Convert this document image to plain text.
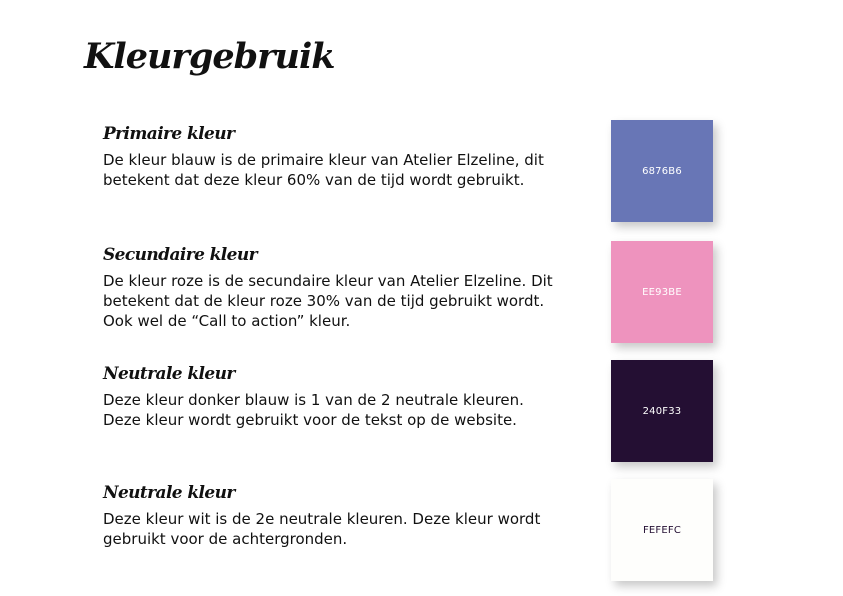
Kleurgebruik
Primaire kleur

De kleur blauw is de primaire kleur van Atelier Elzeline, dit
betekent dat deze kleur 60% van de tijd wordt gebruikt.	6876B6
Secundaire kleur

De kleur roze is de secundaire kleur van Atelier Elzeline. Dit
betekent dat de kleur roze 30% van de tijd gebruikt wordt.
Ook wel de “Call to action” kleur.

EE93BE
Neutrale kleur

Deze kleur donker blauw is 1 van de 2 neutrale kleuren.
Deze kleur wordt gebruikt voor de tekst op de website.	240F33
Neutrale kleur

Deze kleur wit is de 2e neutrale kleuren. Deze kleur wordt
gebruikt voor de achtergronden.	FEFEFC
